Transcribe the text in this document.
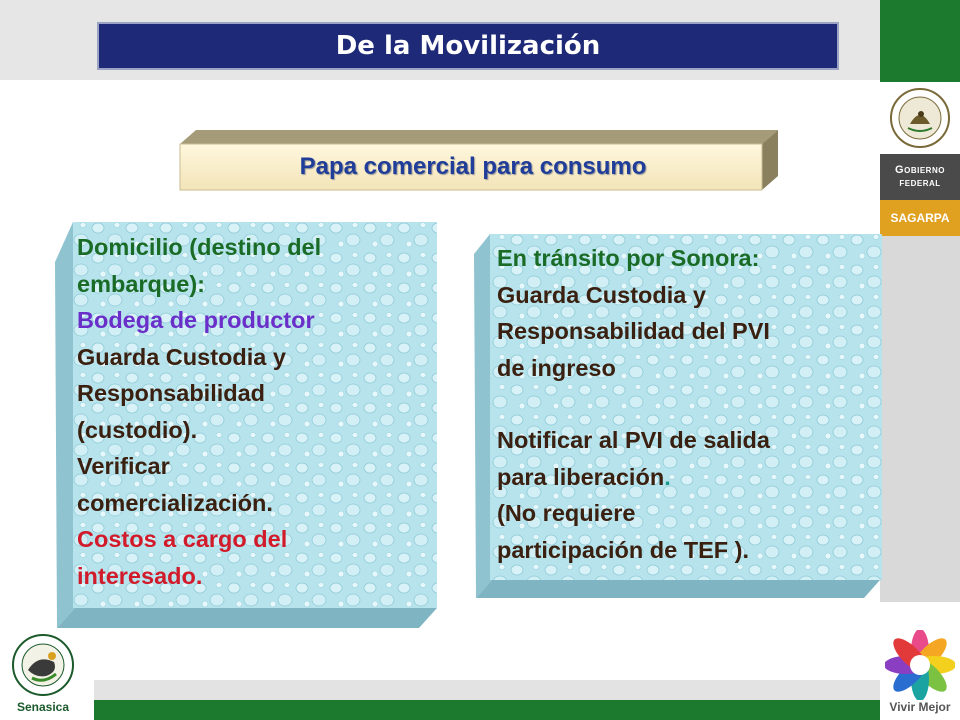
De la Movilización
Gobierno
federal
SAGARPA
Vivir Mejor
Papa comercial para consumo
Domicilio (destino del
embarque):
Bodega de productor
Guarda Custodia y
Responsabilidad
(custodio).
Verificar
comercialización.
Costos a cargo del
interesado.
En tránsito por Sonora:
Guarda Custodia y
Responsabilidad del PVI
de ingreso
Notificar al PVI de salida
para liberación.
(No requiere
participación de TEF ).
Senasica
